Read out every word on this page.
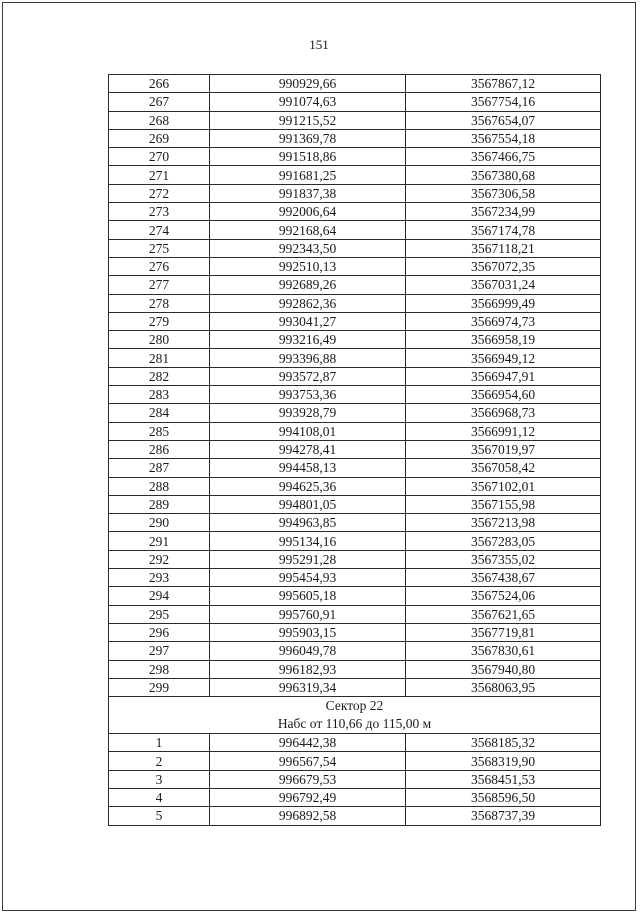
151
266	990929,66	3567867,12
267	991074,63	3567754,16
268	991215,52	3567654,07
269	991369,78	3567554,18
270	991518,86	3567466,75
271	991681,25	3567380,68
272	991837,38	3567306,58
273	992006,64	3567234,99
274	992168,64	3567174,78
275	992343,50	3567118,21
276	992510,13	3567072,35
277	992689,26	3567031,24
278	992862,36	3566999,49
279	993041,27	3566974,73
280	993216,49	3566958,19
281	993396,88	3566949,12
282	993572,87	3566947,91
283	993753,36	3566954,60
284	993928,79	3566968,73
285	994108,01	3566991,12
286	994278,41	3567019,97
287	994458,13	3567058,42
288	994625,36	3567102,01
289	994801,05	3567155,98
290	994963,85	3567213,98
291	995134,16	3567283,05
292	995291,28	3567355,02
293	995454,93	3567438,67
294	995605,18	3567524,06
295	995760,91	3567621,65
296	995903,15	3567719,81
297	996049,78	3567830,61
298	996182,93	3567940,80
299	996319,34	3568063,95

Сектор 22
Набс от 110,66 до 115,00 м		

1	996442,38	3568185,32
2	996567,54	3568319,90
3	996679,53	3568451,53
4	996792,49	3568596,50
5	996892,58	3568737,39
